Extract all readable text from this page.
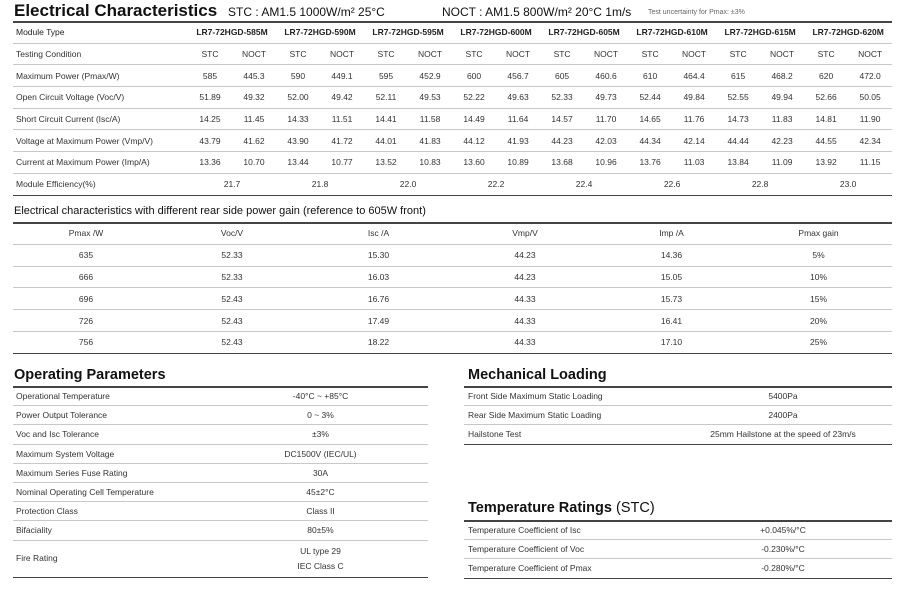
Electrical Characteristics STC : AM1.5 1000W/m² 25°C	NOCT : AM1.5 800W/m² 20°C 1m/s Test uncertainty for Pmax: ±3%
Module Type	LR7-72HGD-585M		LR7-72HGD-590M		LR7-72HGD-595M		LR7-72HGD-600M		LR7-72HGD-605M		LR7-72HGD-610M		LR7-72HGD-615M		LR7-72HGD-620M	
Testing Condition	STC	NOCT	STC	NOCT	STC	NOCT	STC	NOCT	STC	NOCT	STC	NOCT	STC	NOCT	STC	NOCT
Maximum Power (Pmax/W)	585	445.3	590	449.1	595	452.9	600	456.7	605	460.6	610	464.4	615	468.2	620	472.0
Open Circuit Voltage (Voc/V)	51.89	49.32	52.00	49.42	52.11	49.53	52.22	49.63	52.33	49.73	52.44	49.84	52.55	49.94	52.66	50.05
Short Circuit Current (Isc/A)	14.25	11.45	14.33	11.51	14.41	11.58	14.49	11.64	14.57	11.70	14.65	11.76	14.73	11.83	14.81	11.90
Voltage at Maximum Power (Vmp/V)	43.79	41.62	43.90	41.72	44.01	41.83	44.12	41.93	44.23	42.03	44.34	42.14	44.44	42.23	44.55	42.34
Current at Maximum Power (Imp/A)	13.36	10.70	13.44	10.77	13.52	10.83	13.60	10.89	13.68	10.96	13.76	11.03	13.84	11.09	13.92	11.15
Module Efficiency(%)	21.7		21.8		22.0		22.2		22.4		22.6		22.8		23.0	
Electrical characteristics with different rear side power gain (reference to 605W front)
Pmax /W	Voc/V	Isc /A	Vmp/V	Imp /A	Pmax gain
635	52.33	15.30	44.23	14.36	5%
666	52.33	16.03	44.23	15.05	10%
696	52.43	16.76	44.33	15.73	15%
726	52.43	17.49	44.33	16.41	20%
756	52.43	18.22	44.33	17.10	25%
Operating Parameters
Operational Temperature	-40°C ~ +85°C
Power Output Tolerance	0 ~ 3%
Voc and Isc Tolerance	±3%
Maximum System Voltage	DC1500V (IEC/UL)
Maximum Series Fuse Rating	30A
Nominal Operating Cell Temperature	45±2°C
Protection Class	Class II
Bifaciality	80±5%
Fire Rating	UL type 29
IEC Class C
Mechanical Loading
Front Side Maximum Static Loading	5400Pa
Rear Side Maximum Static Loading	2400Pa
Hailstone Test	25mm Hailstone at the speed of 23m/s
Temperature Ratings (STC)
Temperature Coefficient of Isc	+0.045%/°C
Temperature Coefficient of Voc	-0.230%/°C
Temperature Coefficient of Pmax	-0.280%/°C
